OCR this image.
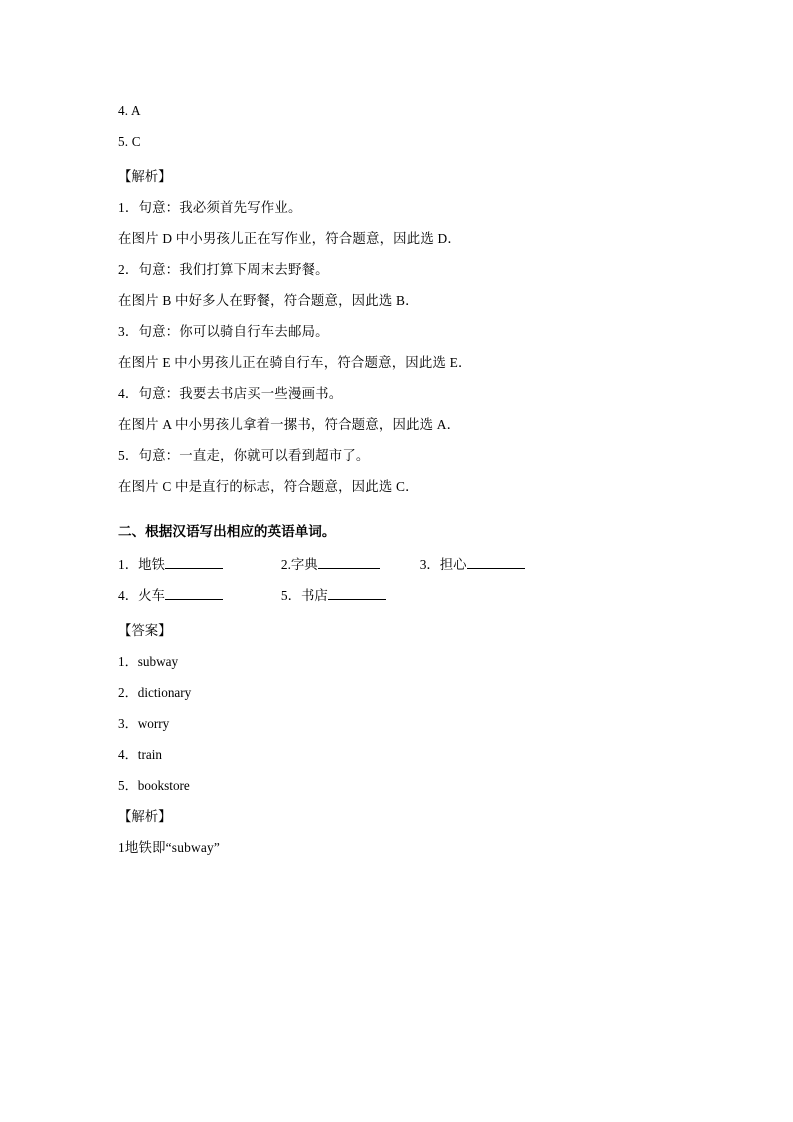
4. A
5. C
【解析】
1．句意：我必须首先写作业。
在图片 D 中小男孩儿正在写作业，符合题意，因此选 D．
2．句意：我们打算下周末去野餐。
在图片 B 中好多人在野餐，符合题意，因此选 B．
3．句意：你可以骑自行车去邮局。
在图片 E 中小男孩儿正在骑自行车，符合题意，因此选 E．
4．句意：我要去书店买一些漫画书。
在图片 A 中小男孩儿拿着一摞书，符合题意，因此选 A．
5．句意：一直走，你就可以看到超市了。
在图片 C 中是直行的标志，符合题意，因此选 C．
二、根据汉语写出相应的英语单词。
1．地铁	2.字典	3．担心
4．火车	5．书店
【答案】
1．subway
2．dictionary
3．worry
4．train
5．bookstore
【解析】
1地铁即“subway”
